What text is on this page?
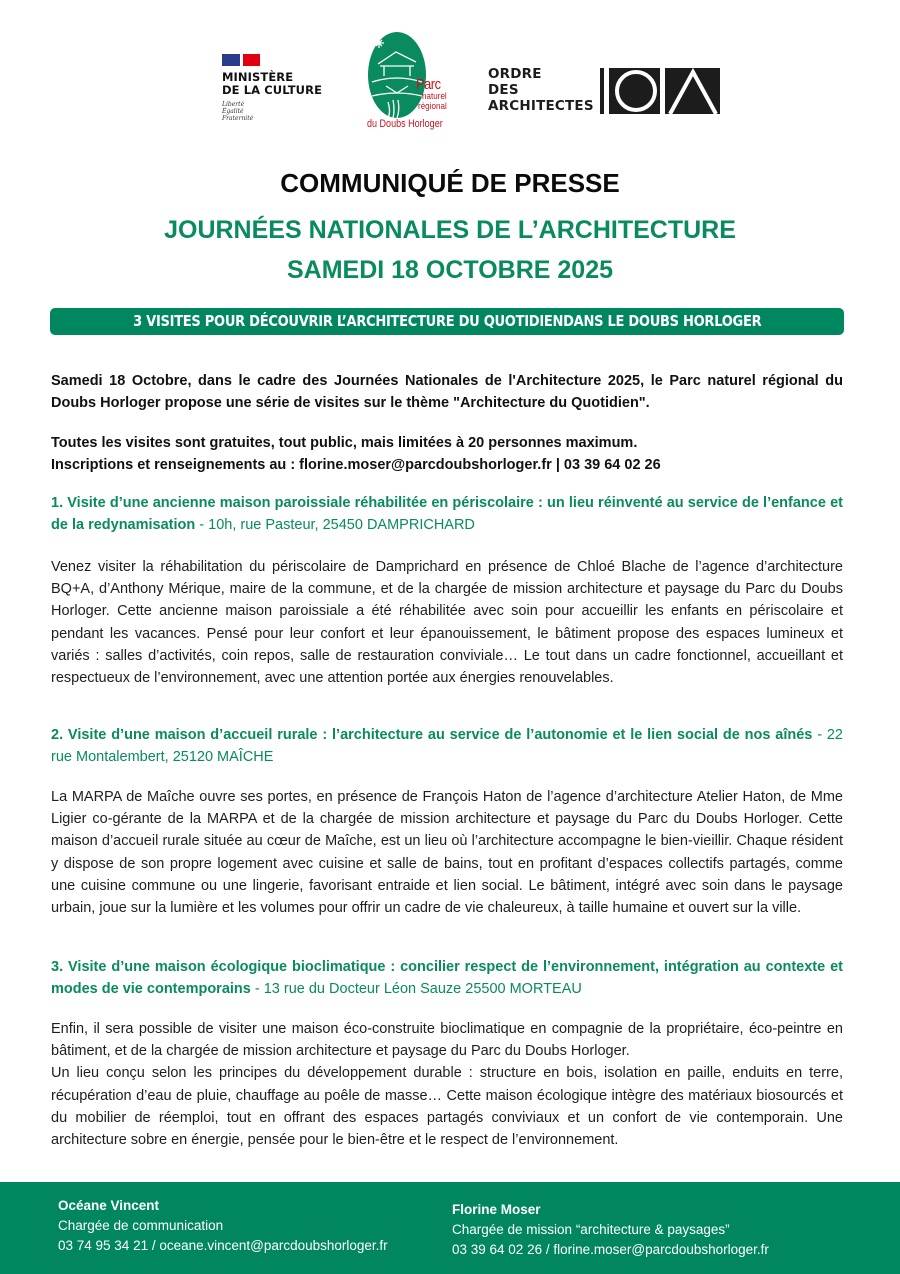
MINISTÈRE
DE LA CULTURE
Liberté
Égalité
Fraternité
Parc
naturel
régional
du Doubs Horloger
ORDRE
DES
ARCHITECTES
COMMUNIQUÉ DE PRESSE
JOURNÉES NATIONALES DE L’ARCHITECTURE
SAMEDI 18 OCTOBRE 2025
3 VISITES POUR DÉCOUVRIR L’ARCHITECTURE DU QUOTIDIENDANS LE DOUBS HORLOGER

Samedi 18 Octobre, dans le cadre des Journées Nationales de l'Architecture 2025, le Parc naturel régional du Doubs Horloger propose une série de visites sur le thème "Architecture du Quotidien".

Toutes les visites sont gratuites, tout public, mais limitées à 20 personnes maximum.

Inscriptions et renseignements au : florine.moser@parcdoubshorloger.fr | 03 39 64 02 26

1. Visite d’une ancienne maison paroissiale réhabilitée en périscolaire : un lieu réinventé au service de l’enfance et de la redynamisation - 10h, rue Pasteur, 25450 DAMPRICHARD
Venez visiter la réhabilitation du périscolaire de Damprichard en présence de Chloé Blache de l’agence d’architecture BQ+A, d’Anthony Mérique, maire de la commune, et de la chargée de mission architecture et paysage du Parc du Doubs Horloger. Cette ancienne maison paroissiale a été réhabilitée avec soin pour accueillir les enfants en périscolaire et pendant les vacances. Pensé pour leur confort et leur épanouissement, le bâtiment propose des espaces lumineux et variés : salles d’activités, coin repos, salle de restauration conviviale… Le tout dans un cadre fonctionnel, accueillant et respectueux de l’environnement, avec une attention portée aux énergies renouvelables.
2. Visite d’une maison d’accueil rurale : l’architecture au service de l’autonomie et le lien social de nos aînés - 22 rue Montalembert, 25120 MAÎCHE
La MARPA de Maîche ouvre ses portes, en présence de François Haton de l’agence d’architecture Atelier Haton, de Mme Ligier co-gérante de la MARPA et de la chargée de mission architecture et paysage du Parc du Doubs Horloger. Cette maison d’accueil rurale située au cœur de Maîche, est un lieu où l’architecture accompagne le bien-vieillir. Chaque résident y dispose de son propre logement avec cuisine et salle de bains, tout en profitant d’espaces collectifs partagés, comme une cuisine commune ou une lingerie, favorisant entraide et lien social. Le bâtiment, intégré avec soin dans le paysage urbain, joue sur la lumière et les volumes pour offrir un cadre de vie chaleureux, à taille humaine et ouvert sur la ville.
3. Visite d’une maison écologique bioclimatique : concilier respect de l’environnement, intégration au contexte et modes de vie contemporains - 13 rue du Docteur Léon Sauze 25500 MORTEAU

Enfin, il sera possible de visiter une maison éco-construite bioclimatique en compagnie de la propriétaire, éco-peintre en bâtiment, et de la chargée de mission architecture et paysage du Parc du Doubs Horloger.

Un lieu conçu selon les principes du développement durable : structure en bois, isolation en paille, enduits en terre, récupération d’eau de pluie, chauffage au poêle de masse… Cette maison écologique intègre des matériaux biosourcés et du mobilier de réemploi, tout en offrant des espaces partagés conviviaux et un confort de vie contemporain. Une architecture sobre en énergie, pensée pour le bien-être et le respect de l’environnement.

Océane Vincent
Chargée de communication
03 74 95 34 21 / oceane.vincent@parcdoubshorloger.fr
Florine Moser
Chargée de mission “architecture & paysages”
03 39 64 02 26 / florine.moser@parcdoubshorloger.fr
